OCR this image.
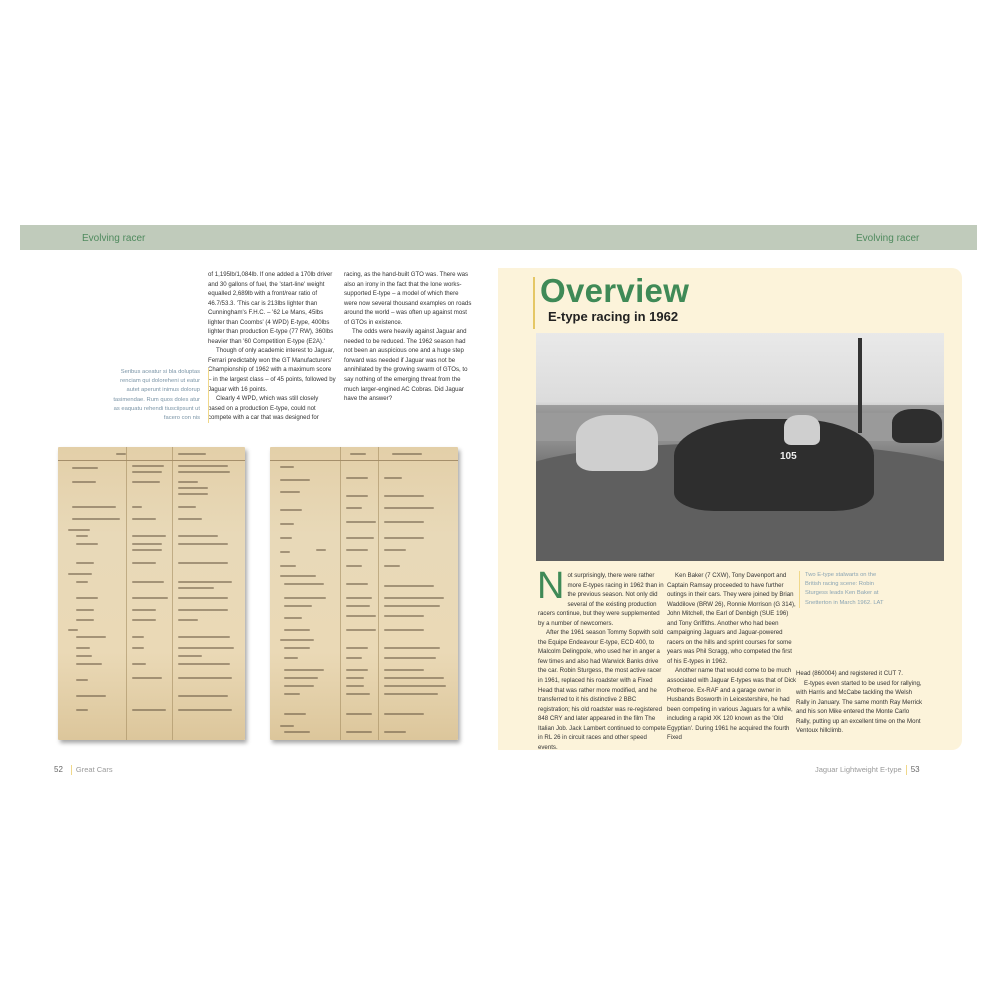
Evolving racer	Evolving racer

of 1,195lb/1,084lb. If one added a 170lb driver and 30 gallons of fuel, the 'start-line' weight equalled 2,689lb with a front/rear ratio of 46.7/53.3. 'This car is 213lbs lighter than Cunningham's F.H.C. – '62 Le Mans, 45lbs lighter than Coombs' (4 WPD) E-type, 400lbs lighter than production E-type (77 RW), 360lbs heavier than '60 Competition E-type (E2A).'

Though of only academic interest to Jaguar, Ferrari predictably won the GT Manufacturers' Championship of 1962 with a maximum score – in the largest class – of 45 points, followed by Jaguar with 16 points.

Clearly 4 WPD, which was still closely based on a production E-type, could not compete with a car that was designed for

racing, as the hand-built GTO was. There was also an irony in the fact that the lone works-supported E-type – a model of which there were now several thousand examples on roads around the world – was often up against most of GTOs in existence.

The odds were heavily against Jaguar and needed to be reduced. The 1962 season had not been an auspicious one and a huge step forward was needed if Jaguar was not be annihilated by the growing swarm of GTOs, to say nothing of the emerging threat from the much larger-engined AC Cobras. Did Jaguar have the answer?

Seribus aceatur si bla doluptas renciam qui doloreheni ut eatur autet aperunt inimus dolorup tasimendae. Rum quos doles atur as eaquatu rehendi tiusciipsunt ut facero con nis
Overview
E-type racing in 1962
105

Not surprisingly, there were rather more E-types racing in 1962 than in the previous season. Not only did several of the existing production racers continue, but they were supplemented by a number of newcomers.

After the 1961 season Tommy Sopwith sold the Equipe Endeavour E-type, ECD 400, to Malcolm Delingpole, who used her in anger a few times and also had Warwick Banks drive the car. Robin Sturgess, the most active racer in 1961, replaced his roadster with a Fixed Head that was rather more modified, and he transferred to it his distinctive 2 BBC registration; his old roadster was re-registered 848 CRY and later appeared in the film The Italian Job. Jack Lambert continued to compete in RL 26 in circuit races and other speed events.

Ken Baker (7 CXW), Tony Davenport and Captain Ramsay proceeded to have further outings in their cars. They were joined by Brian Waddilove (BRW 26), Ronnie Morrison (G 314), John Mitchell, the Earl of Denbigh (SUE 196) and Tony Griffiths. Another who had been campaigning Jaguars and Jaguar-powered racers on the hills and sprint courses for some years was Phil Scragg, who competed the first of his E-types in 1962.

Another name that would come to be much associated with Jaguar E-types was that of Dick Protheroe. Ex-RAF and a garage owner in Husbands Bosworth in Leicestershire, he had been competing in various Jaguars for a while, including a rapid XK 120 known as the 'Old Egyptian'. During 1961 he acquired the fourth Fixed

Head (860004) and registered it CUT 7.

E-types even started to be used for rallying, with Harris and McCabe tackling the Welsh Rally in January. The same month Ray Merrick and his son Mike entered the Monte Carlo Rally, putting up an excellent time on the Mont Ventoux hillclimb.

Two E-type stalwarts on the British racing scene: Robin Sturgess leads Ken Baker at Snetterton in March 1962. LAT
52 Great Cars	Jaguar Lightweight E-type 53
